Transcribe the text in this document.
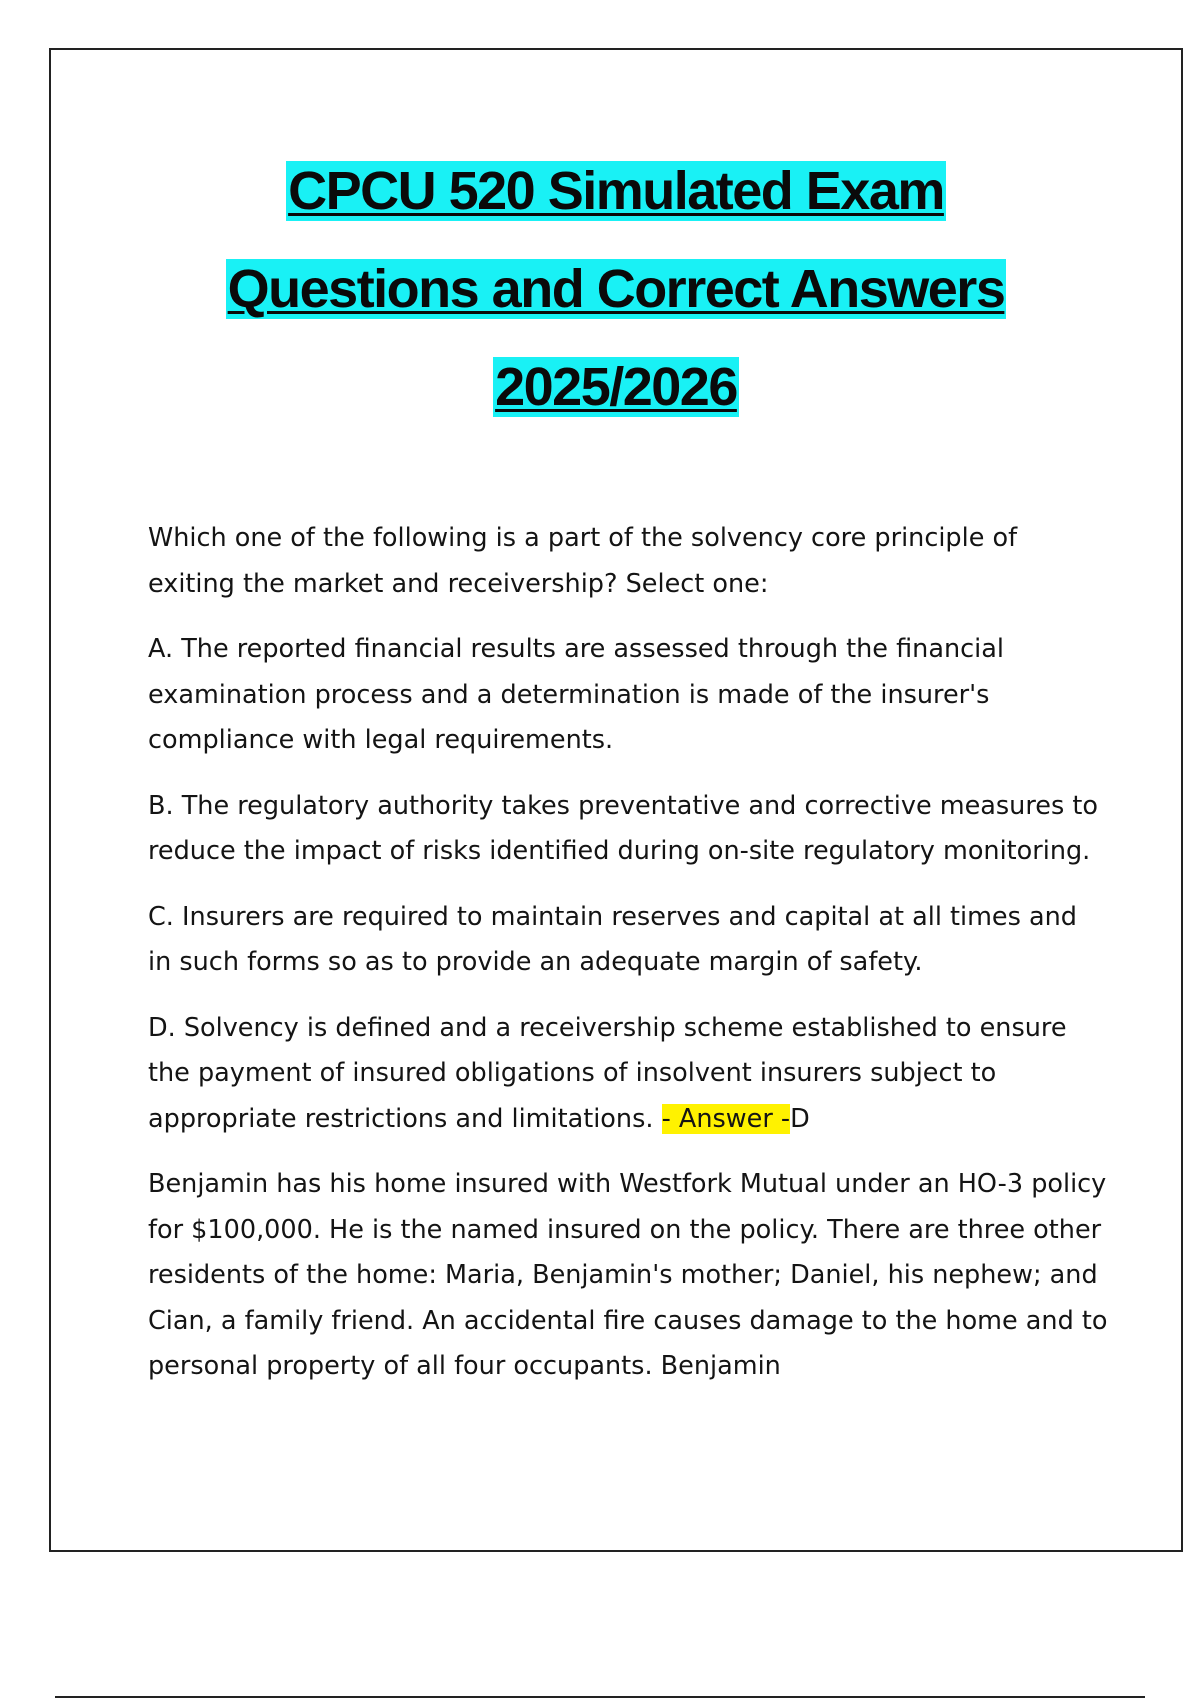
CPCU 520 Simulated Exam
Questions and Correct Answers
2025/2026

Which one of the following is a part of the solvency core principle of exiting the market and receivership? Select one:

A. The reported financial results are assessed through the financial examination process and a determination is made of the insurer's compliance with legal requirements.

B. The regulatory authority takes preventative and corrective measures to reduce the impact of risks identified during on-site regulatory monitoring.

C. Insurers are required to maintain reserves and capital at all times and in such forms so as to provide an adequate margin of safety.

D. Solvency is defined and a receivership scheme established to ensure the payment of insured obligations of insolvent insurers subject to appropriate restrictions and limitations. - Answer -D

Benjamin has his home insured with Westfork Mutual under an HO-3 policy for $100,000. He is the named insured on the policy. There are three other residents of the home: Maria, Benjamin's mother; Daniel, his nephew; and Cian, a family friend. An accidental fire causes damage to the home and to personal property of all four occupants. Benjamin
